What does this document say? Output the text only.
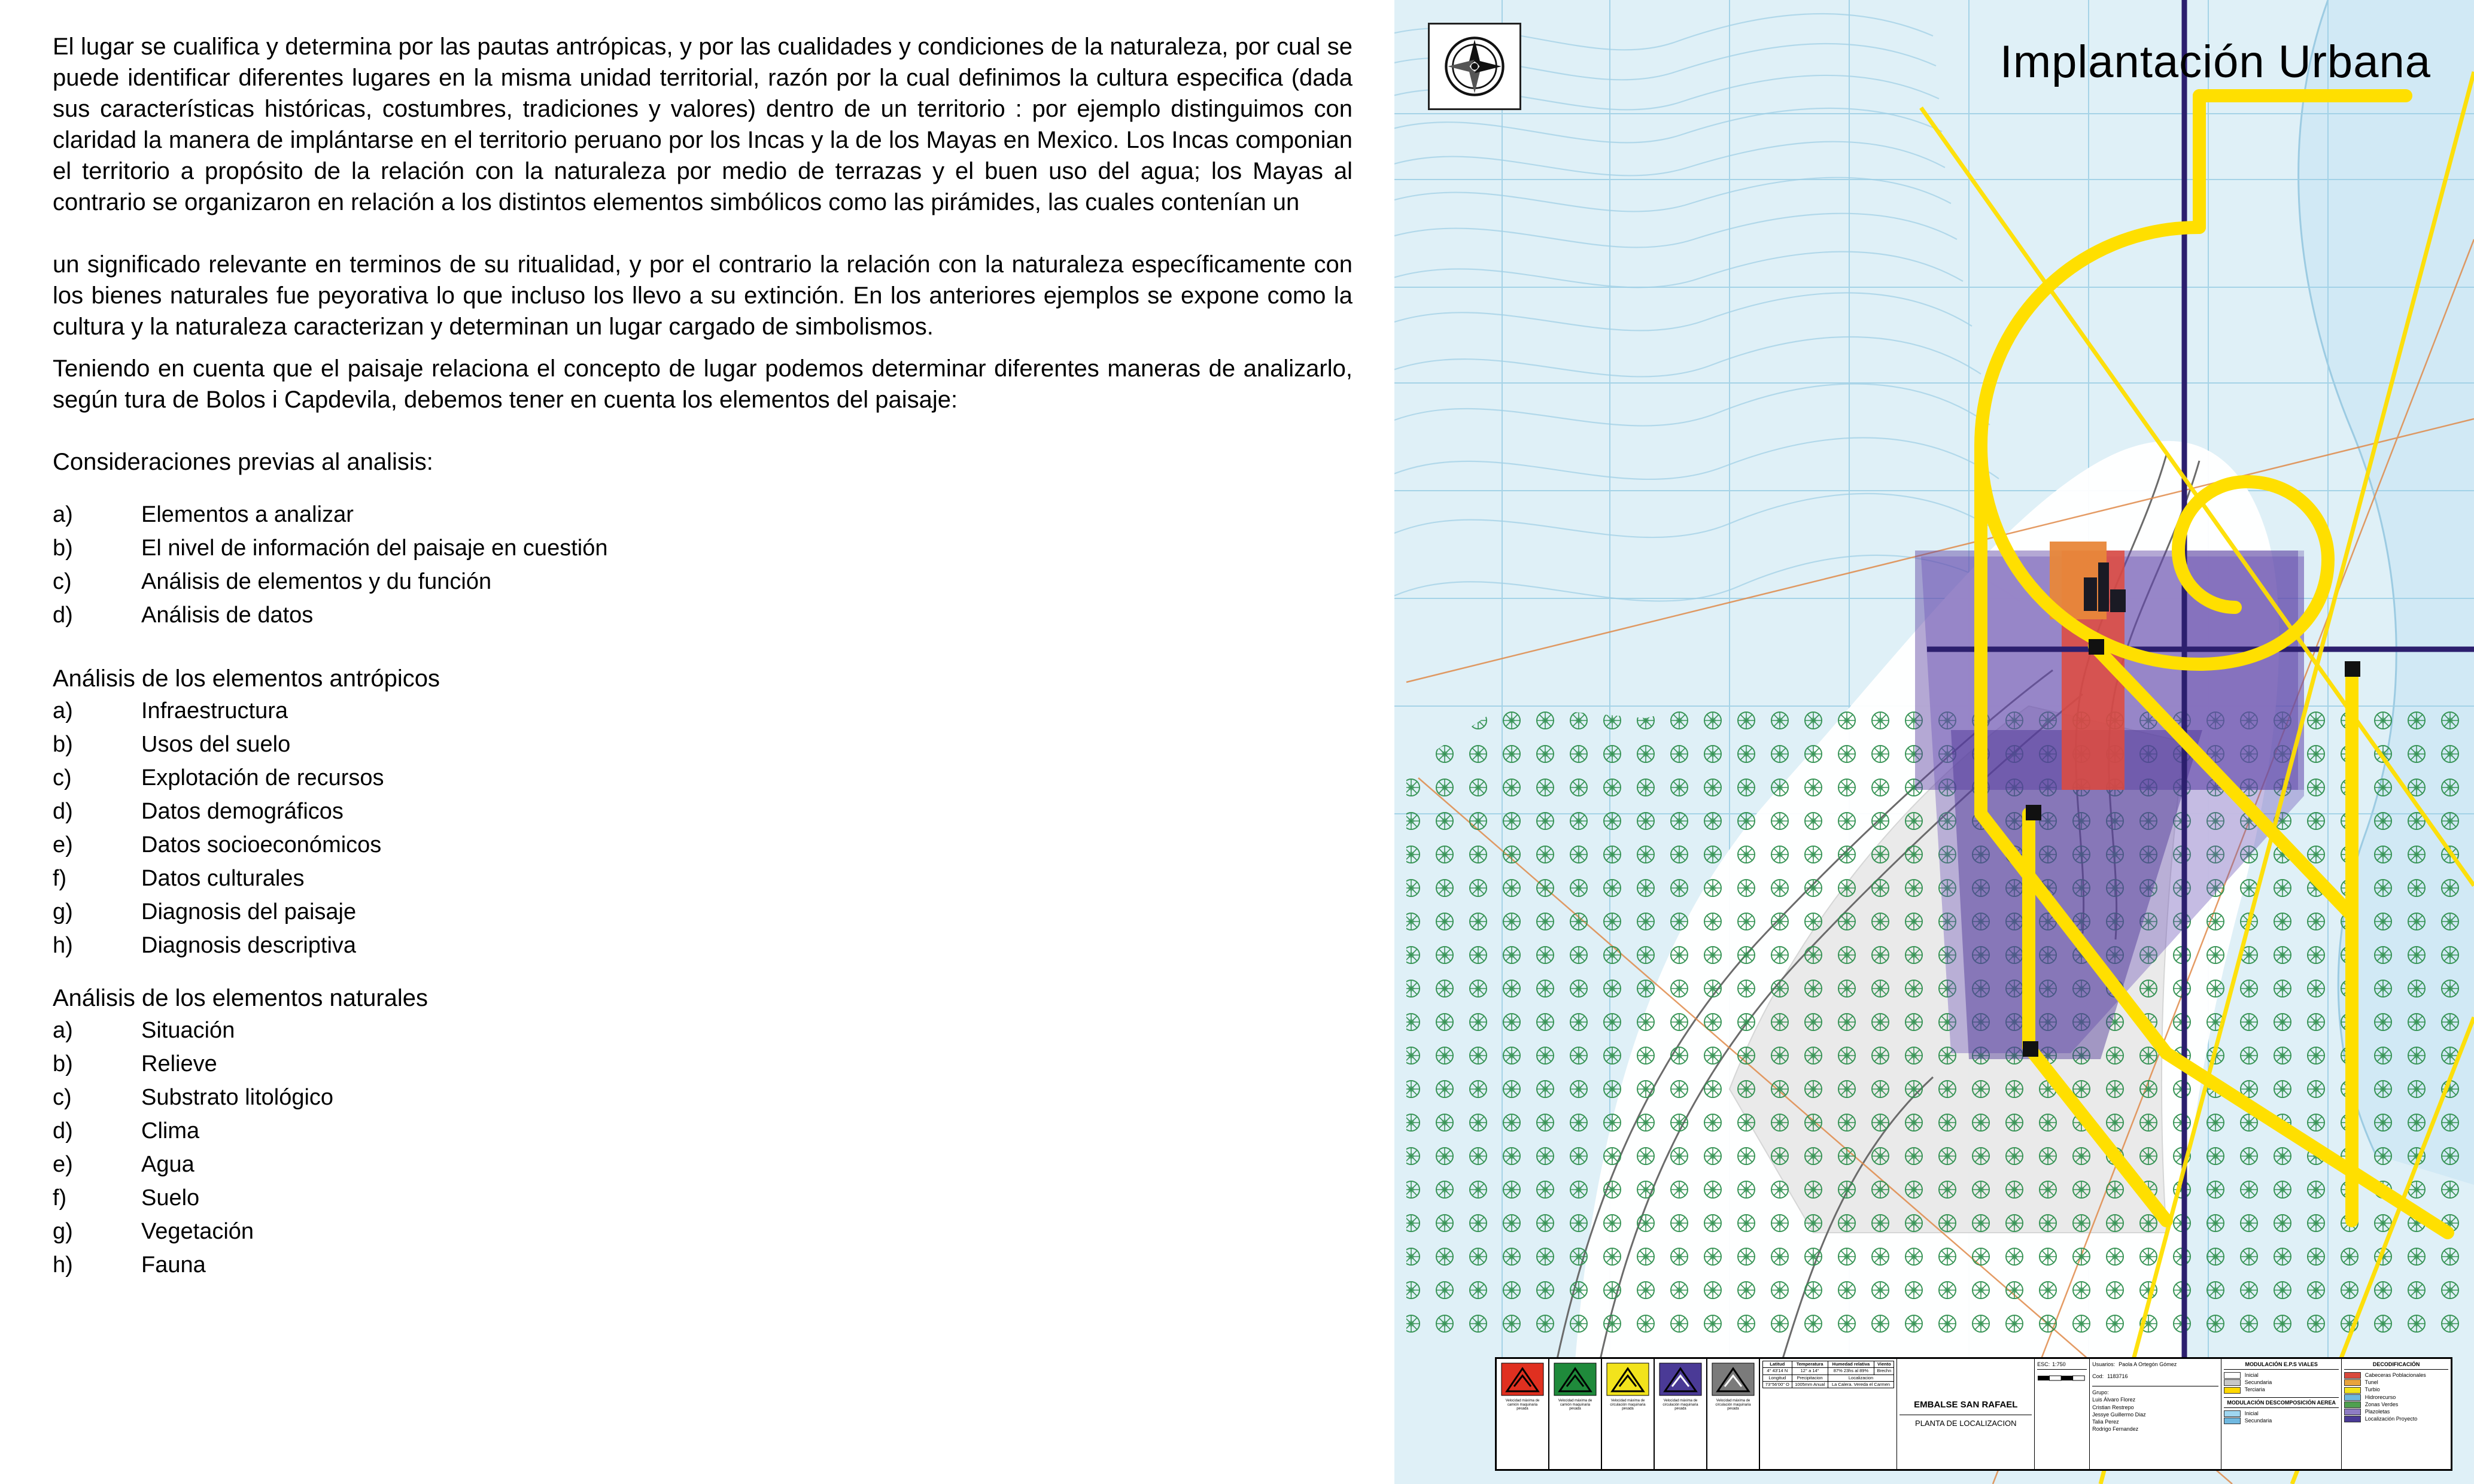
El lugar se cualifica y determina por las pautas antrópicas, y por las cualidades y condiciones de la naturaleza, por cual se puede identificar diferentes lugares en la misma unidad territorial, razón por la cual definimos la cultura especifica (dada sus características históricas, costumbres, tradiciones y valores) dentro de un territorio : por ejemplo distinguimos con claridad la manera de implántarse en el territorio peruano por los Incas y la de los Mayas en Mexico. Los Incas componian el territorio a propósito de la relación con la naturaleza por medio de terrazas y el buen uso del agua; los Mayas al contrario se organizaron en relación a los distintos elementos simbólicos como las pirámides, las cuales contenían un

un significado relevante en terminos de su ritualidad, y por el contrario la relación con la naturaleza específicamente con los bienes naturales fue peyorativa lo que incluso los llevo a su extinción. En los anteriores ejemplos se expone como la cultura y la naturaleza caracterizan y determinan un lugar cargado de simbolismos.

Teniendo en cuenta que el paisaje relaciona el concepto de lugar podemos determinar diferentes maneras de analizarlo, según tura de Bolos i Capdevila, debemos tener en cuenta los elementos del paisaje:

Consideraciones previas al analisis:
a)	Elementos a analizar
b)	El nivel de información del paisaje en cuestión
c)	Análisis de elementos y du función
d)	Análisis de datos
Análisis de los elementos antrópicos
a)	Infraestructura
b)	Usos del suelo
c)	Explotación de recursos
d)	Datos demográficos
e)	Datos socioeconómicos
f)	Datos culturales
g)	Diagnosis del paisaje
h)	Diagnosis descriptiva
Análisis de los elementos naturales
a)	Situación
b)	Relieve
c)	Substrato litológico
d)	Clima
e)	Agua
f)	Suelo
g)	Vegetación
h)	Fauna
Implantación Urbana
Velocidad máxima de camión maquinaria pesada
Velocidad máxima de camión maquinaria pesada
Velocidad máxima de circulación maquinaria pesada
Velocidad máxima de circulación maquinaria pesada
Velocidad máxima de circulación maquinaria pesada
Latitud	Temperatura	Humedad relativa	Viento
4° 43'14 N	12° a 14°	87% 23hs al 89%	Brechn
Longitud	Precipitacion	Localizacion	
73°56'00" O	1005mm Anual	La Calera. Vereda el Carmen	
EMBALSE SAN RAFAEL
PLANTA DE LOCALIZACION
ESC: 1:750	Usuarios: Paola A Ortegón Gómez
Cod: 1183716
Grupo:
Luis Álvaro Florez
Cristian Restrepo
Jessye Guillermo Diaz
Talia Perez
Rodrigo Fernandez
MODULACIÓN E.P.S VIALES
Inicial
Secundaria
Terciaria
MODULACIÓN DESCOMPOSICIÓN AEREA
Inicial
Secundaria
DECODIFICACIÓN
Cabeceras Poblacionales
Tunel
Turbio
Hidrorecurso
Zonas Verdes
Plazoletas
Localización Proyecto
